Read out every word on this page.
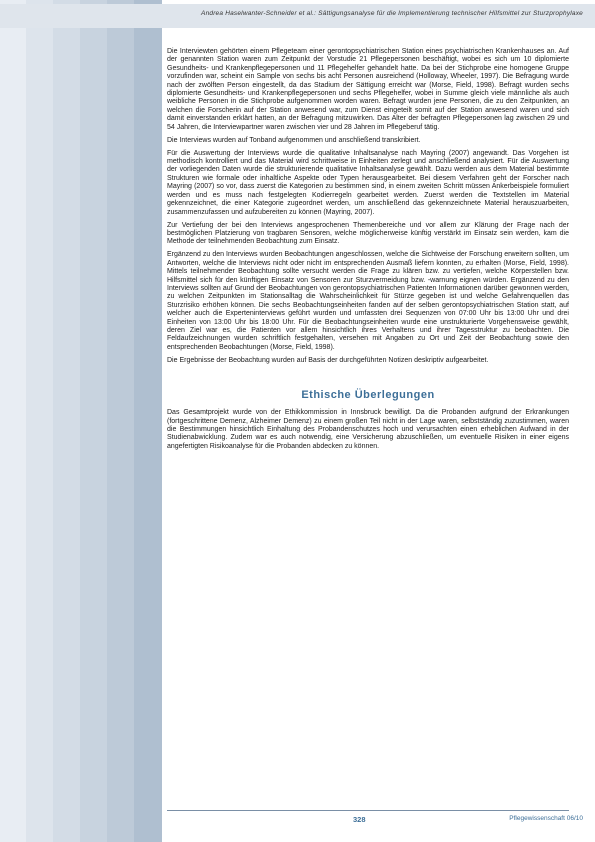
Andrea Haselwanter-Schneider et al.: Sättigungsanalyse für die Implementierung technischer Hilfsmittel zur Sturzprophylaxe

Die Interviewten gehörten einem Pflegeteam einer gerontopsychiatrischen Station eines psychiatrischen Krankenhauses an. Auf der genannten Station waren zum Zeitpunkt der Vorstudie 21 Pflegepersonen beschäftigt, wobei es sich um 10 diplomierte Gesundheits- und Krankenpflegepersonen und 11 Pflegehelfer gehandelt hatte. Da bei der Stichprobe eine homogene Gruppe vorzufinden war, scheint ein Sample von sechs bis acht Personen ausreichend (Holloway, Wheeler, 1997). Die Befragung wurde nach der zwölften Person eingestellt, da das Stadium der Sättigung erreicht war (Morse, Field, 1998). Befragt wurden sechs diplomierte Gesundheits- und Krankenpflegepersonen und sechs Pflegehelfer, wobei in Summe gleich viele männliche als auch weibliche Personen in die Stichprobe aufgenommen worden waren. Befragt wurden jene Personen, die zu den Zeitpunkten, an welchen die Forscherin auf der Station anwesend war, zum Dienst eingeteilt somit auf der Station anwesend waren und sich damit einverstanden erklärt hatten, an der Befragung mitzuwirken. Das Alter der befragten Pflegepersonen lag zwischen 29 und 54 Jahren, die Interviewpartner waren zwischen vier und 28 Jahren im Pflegeberuf tätig.

Die Interviews wurden auf Tonband aufgenommen und anschließend transkribiert.

Für die Auswertung der Interviews wurde die qualitative Inhaltsanalyse nach Mayring (2007) angewandt. Das Vorgehen ist methodisch kontrolliert und das Material wird schrittweise in Einheiten zerlegt und anschließend analysiert. Für die Auswertung der vorliegenden Daten wurde die strukturierende qualitative Inhaltsanalyse gewählt. Dazu werden aus dem Material bestimmte Strukturen wie formale oder inhaltliche Aspekte oder Typen herausgearbeitet. Bei diesem Verfahren geht der Forscher nach Mayring (2007) so vor, dass zuerst die Kategorien zu bestimmen sind, in einem zweiten Schritt müssen Ankerbeispiele formuliert werden und es muss nach festgelegten Kodierregeln gearbeitet werden. Zuerst werden die Textstellen im Material gekennzeichnet, die einer Kategorie zugeordnet werden, um anschließend das gekennzeichnete Material herauszuarbeiten, zusammenzufassen und aufzubereiten zu können (Mayring, 2007).

Zur Vertiefung der bei den Interviews angesprochenen Themenbereiche und vor allem zur Klärung der Frage nach der bestmöglichen Platzierung von tragbaren Sensoren, welche möglicherweise künftig verstärkt im Einsatz sein werden, kam die Methode der teilnehmenden Beobachtung zum Einsatz.

Ergänzend zu den Interviews wurden Beobachtungen angeschlossen, welche die Sichtweise der Forschung erweitern sollten, um Antworten, welche die Interviews nicht oder nicht im entsprechenden Ausmaß liefern konnten, zu erhalten (Morse, Field, 1998). Mittels teilnehmender Beobachtung sollte versucht werden die Frage zu klären bzw. zu vertiefen, welche Körperstellen bzw. Hilfsmittel sich für den künftigen Einsatz von Sensoren zur Sturzvermeidung bzw. -warnung eignen würden. Ergänzend zu den Interviews sollten auf Grund der Beobachtungen von gerontopsychiatrischen Patienten Informationen darüber gewonnen werden, zu welchen Zeitpunkten im Stationsalltag die Wahrscheinlichkeit für Stürze gegeben ist und welche Gefahrenquellen das Sturzrisiko erhöhen können. Die sechs Beobachtungseinheiten fanden auf der selben gerontopsychiatrischen Station statt, auf welcher auch die Experteninterviews geführt wurden und umfassten drei Sequenzen von 07:00 Uhr bis 13:00 Uhr und drei Einheiten von 13:00 Uhr bis 18:00 Uhr. Für die Beobachtungseinheiten wurde eine unstrukturierte Vorgehensweise gewählt, deren Ziel war es, die Patienten vor allem hinsichtlich ihres Verhaltens und ihrer Tagesstruktur zu beobachten. Die Feldaufzeichnungen wurden schriftlich festgehalten, versehen mit Angaben zu Ort und Zeit der Beobachtung sowie den entsprechenden Beobachtungen (Morse, Field, 1998).

Die Ergebnisse der Beobachtung wurden auf Basis der durchgeführten Notizen deskriptiv aufgearbeitet.

Ethische Überlegungen

Das Gesamtprojekt wurde von der Ethikkommission in Innsbruck bewilligt. Da die Probanden aufgrund der Erkrankungen (fortgeschrittene Demenz, Alzheimer Demenz) zu einem großen Teil nicht in der Lage waren, selbstständig zuzustimmen, waren die Bestimmungen hinsichtlich Einhaltung des Probandenschutzes hoch und verursachten einen erheblichen Aufwand in der Studienabwicklung. Zudem war es auch notwendig, eine Versicherung abzuschließen, um eventuelle Risiken in einer eigens angefertigten Risikoanalyse für die Probanden abdecken zu können.

328	Pflegewissenschaft 06/10
